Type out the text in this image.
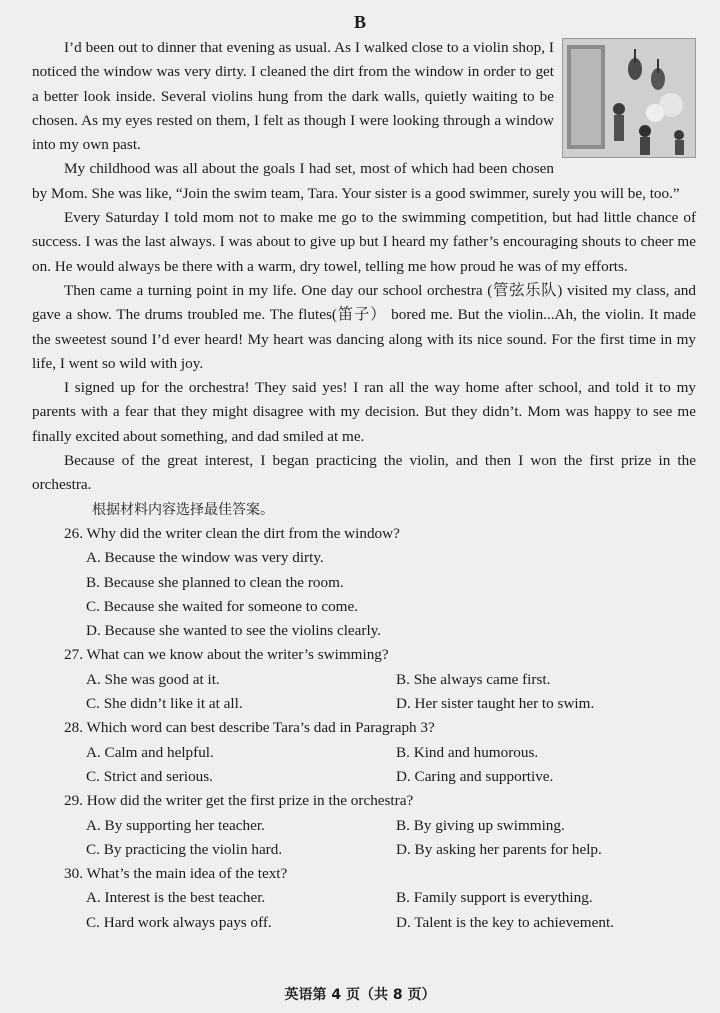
B

I’d been out to dinner that evening as usual. As I walked close to a violin shop, I noticed the window was very dirty. I cleaned the dirt from the window in order to get a better look inside. Several violins hung from the dark walls, quietly waiting to be chosen. As my eyes rested on them, I felt as though I were looking through a window into my own past.

My childhood was all about the goals I had set, most of which had been chosen by Mom. She was like, “Join the swim team, Tara. Your sister is a good swimmer, surely you will be, too.”

Every Saturday I told mom not to make me go to the swimming competition, but had little chance of success. I was the last always. I was about to give up but I heard my father’s encouraging shouts to cheer me on. He would always be there with a warm, dry towel, telling me how proud he was of my efforts.

Then came a turning point in my life. One day our school orchestra (管弦乐队) visited my class, and gave a show. The drums troubled me. The flutes(笛子） bored me. But the violin...Ah, the violin. It made the sweetest sound I’d ever heard! My heart was dancing along with its nice sound. For the first time in my life, I went so wild with joy.

I signed up for the orchestra! They said yes! I ran all the way home after school, and told it to my parents with a fear that they might disagree with my decision. But they didn’t. Mom was happy to see me finally excited about something, and dad smiled at me.

Because of the great interest, I began practicing the violin, and then I won the first prize in the orchestra.

根据材料内容选择最佳答案。

26. Why did the writer clean the dirt from the window?

A. Because the window was very dirty.

B. Because she planned to clean the room.

C. Because she waited for someone to come.

D. Because she wanted to see the violins clearly.

27. What can we know about the writer’s swimming?

A. She was good at it.	B. She always came first.

C. She didn’t like it at all.	D. Her sister taught her to swim.

28. Which word can best describe Tara’s dad in Paragraph 3?

A. Calm and helpful.	B. Kind and humorous.

C. Strict and serious.	D. Caring and supportive.

29. How did the writer get the first prize in the orchestra?

A. By supporting her teacher.	B. By giving up swimming.

C. By practicing the violin hard.	D. By asking her parents for help.

30. What’s the main idea of the text?

A. Interest is the best teacher.	B. Family support is everything.

C. Hard work always pays off.	D. Talent is the key to achievement.

英语第 4 页（共 8 页）
